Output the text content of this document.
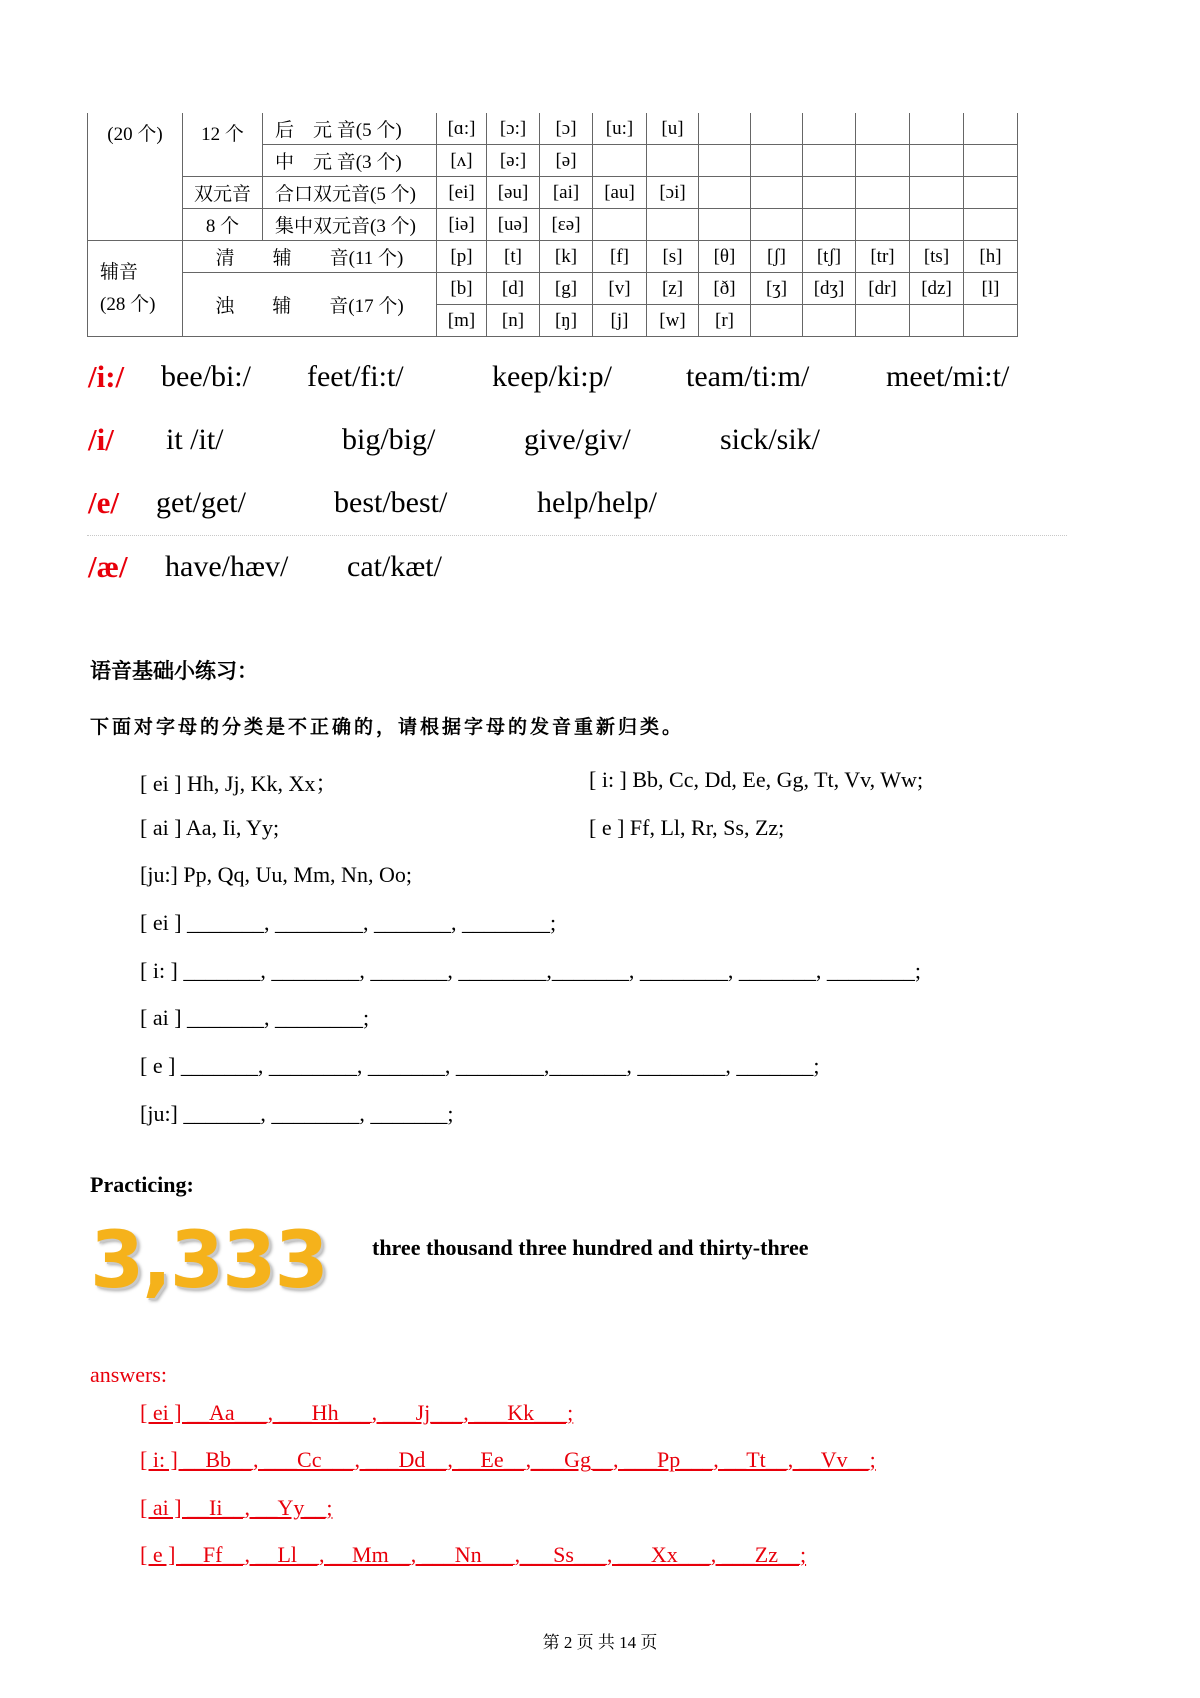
(20 个)	12 个	后　元 音(5 个)	[ɑ:]	[ɔ:]	[ɔ]	[u:]	[u]						
		中　元 音(3 个)	[ʌ]	[ə:]	[ə]								
	双元音	合口双元音(5 个)	[ei]	[əu]	[ai]	[au]	[ɔi]						
	8 个	集中双元音(3 个)	[iə]	[uə]	[ɛə]								

辅音
(28 个)	清　　辅　　音(11 个)		[p]	[t]	[k]	[f]	[s]	[θ]	[ʃ]	[tʃ]	[tr]	[ts]	[h]
	浊　　辅　　音(17 个)		[b]	[d]	[g]	[v]	[z]	[ð]	[ʒ]	[dʒ]	[dr]	[dz]	[l]
			[m]	[n]	[ŋ]	[j]	[w]	[r]					
/i:/ bee/bi:/ feet/fi:t/	keep/ki:p/ team/ti:m/	meet/mi:t/
/i/ it /it/	big/big/	give/giv/	sick/sik/
/e/ get/get/	best/best/	help/help/
/æ/ have/hæv/ cat/kæt/
语音基础小练习：
下面对字母的分类是不正确的，请根据字母的发音重新归类。
[ ei ] Hh, Jj, Kk, Xx；	[ i: ] Bb, Cc, Dd, Ee, Gg, Tt, Vv, Ww;
[ ai ] Aa, Ii, Yy;	[ e ] Ff, Ll, Rr, Ss, Zz;
[ju:] Pp, Qq, Uu, Mm, Nn, Oo;
[ ei ] _______, ________, _______, ________;
[ i: ] _______, ________, _______, ________,_______, ________, _______, ________;
[ ai ] _______, ________;
[ e ] _______, ________, _______, ________,_______, ________, _______;
[ju:] _______, ________, _______;
Practicing:
3,333 three thousand three hundred and thirty-three
answers:
[ ei ] __Aa___, ___Hh___, ___Jj___, ___Kk___;
[ i: ] __Bb__, ___Cc___, ___Dd__, __Ee__,___Gg__, ___Pp___, __Tt__, __Vv__;
[ ai ] __Ii__, __Yy__;
[ e ] __Ff__, __Ll__, __Mm__, ___Nn___,___Ss___, ___Xx___, ___Zz__;
第 2 页 共 14 页
